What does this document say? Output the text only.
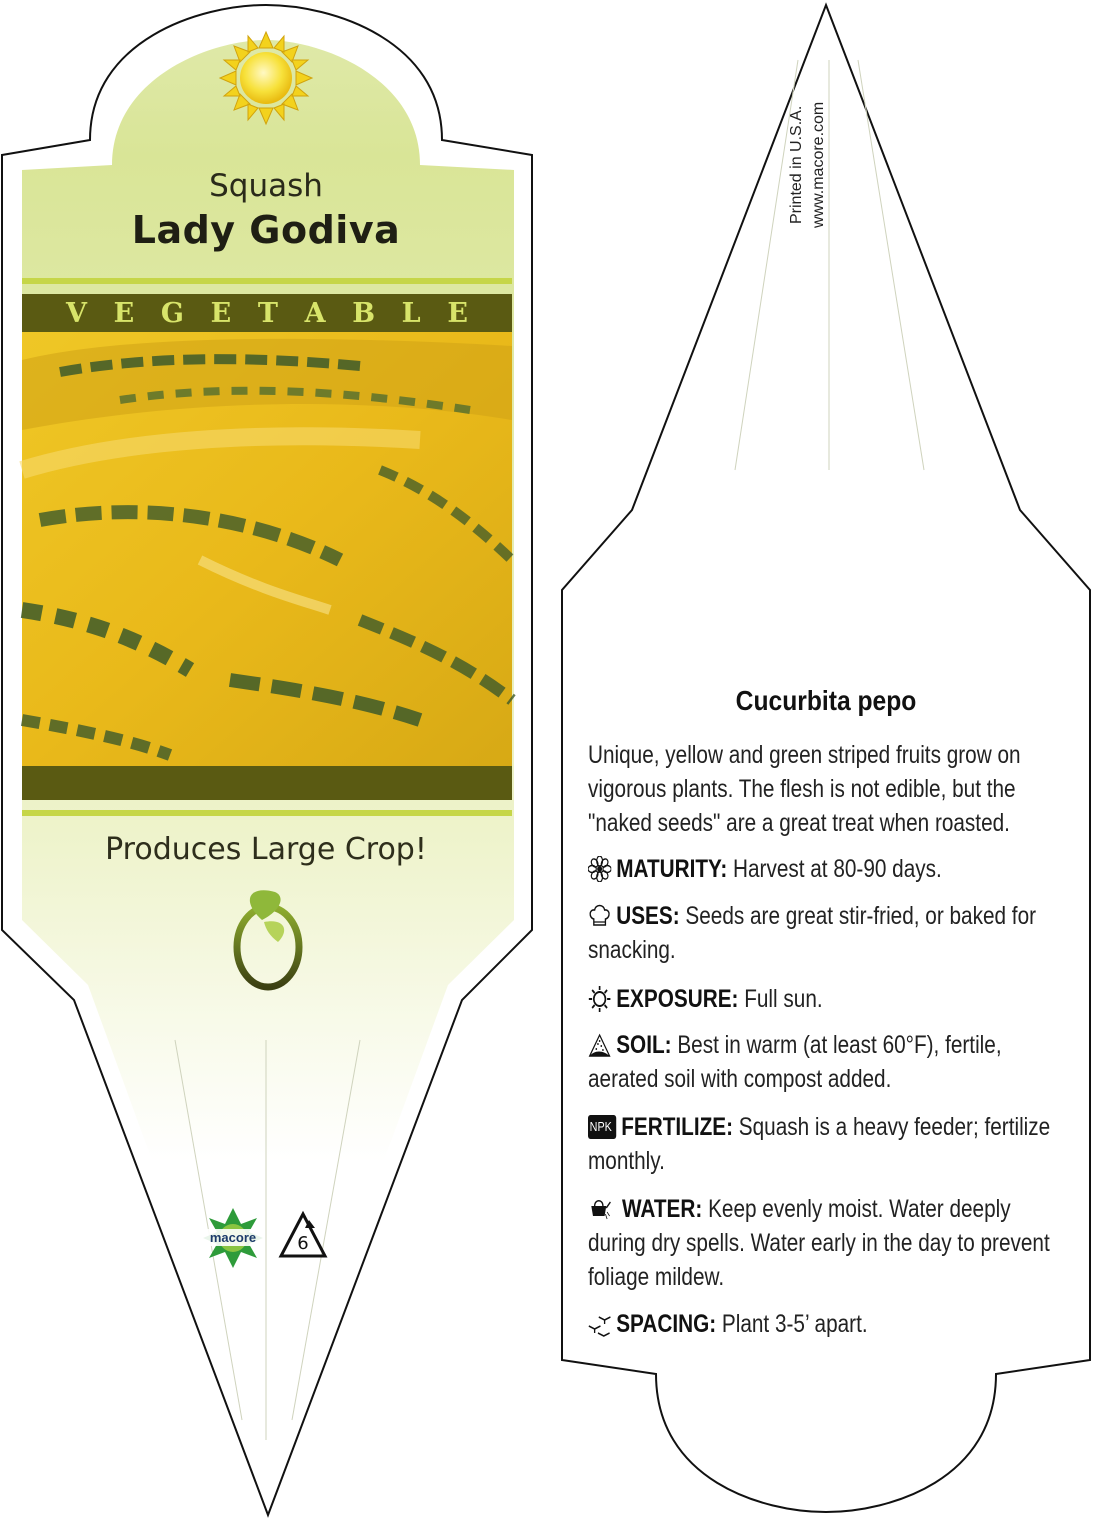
Squash
Lady Godiva
V E G E T A B L E
Produces Large Crop!
macore 6
Printed in U.S.A. www.macore.com
Cucurbita pepo
Unique, yellow and green striped fruits grow on vigorous plants. The flesh is not edible, but the "naked seeds" are a great treat when roasted.
MATURITY: Harvest at 80-90 days.
USES: Seeds are great stir-fried, or baked for snacking.
EXPOSURE: Full sun.
SOIL: Best in warm (at least 60°F), fertile, aerated soil with compost added.
NPK FERTILIZE: Squash is a heavy feeder; fertilize monthly.
WATER: Keep evenly moist. Water deeply during dry spells. Water early in the day to prevent foliage mildew.
SPACING: Plant 3-5’ apart.
